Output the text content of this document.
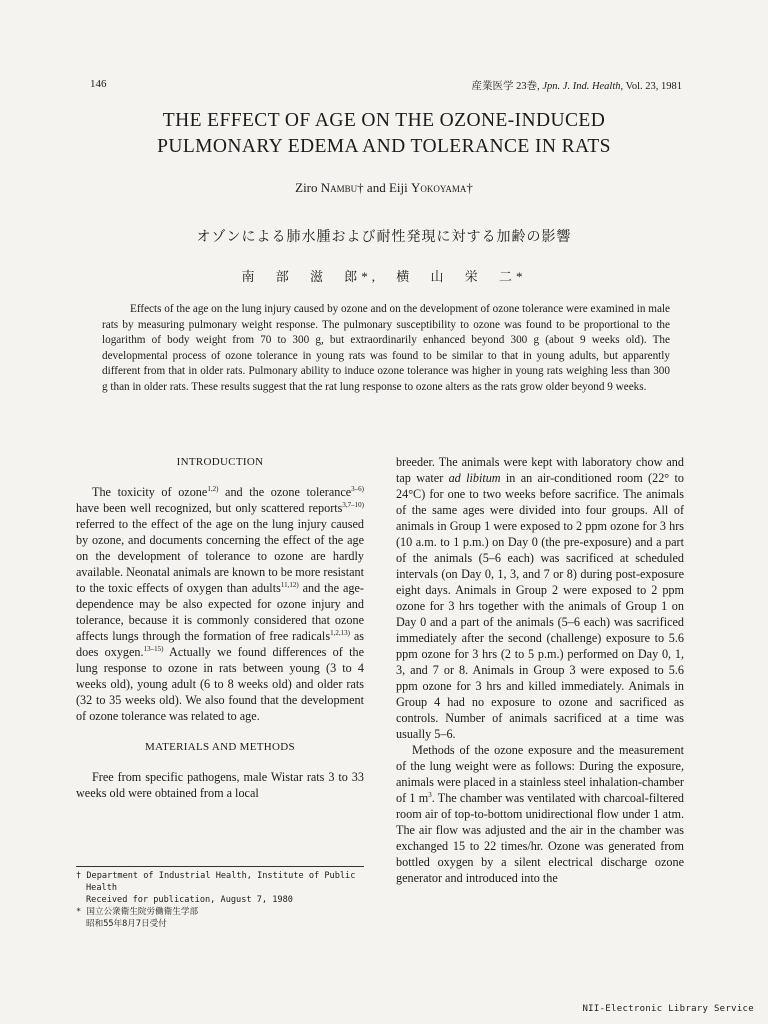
146	産業医学 23巻, Jpn. J. Ind. Health, Vol. 23, 1981
THE EFFECT OF AGE ON THE OZONE-INDUCED
PULMONARY EDEMA AND TOLERANCE IN RATS
Ziro Nambu† and Eiji Yokoyama†
オゾンによる肺水腫および耐性発現に対する加齢の影響
南 部 滋 郎*, 横 山 栄 二*

Effects of the age on the lung injury caused by ozone and on the development of ozone tolerance were examined in male rats by measuring pulmonary weight response. The pulmonary susceptibility to ozone was found to be proportional to the logarithm of body weight from 70 to 300 g, but extraordinarily enhanced beyond 300 g (about 9 weeks old). The developmental process of ozone tolerance in young rats was found to be similar to that in young adults, but apparently different from that in older rats. Pulmonary ability to induce ozone tolerance was higher in young rats weighing less than 300 g than in older rats. These results suggest that the rat lung response to ozone alters as the rats grow older beyond 9 weeks.

INTRODUCTION

The toxicity of ozone$^{1,2)}$ and the ozone tolerance$^{3-6)}$ have been well recognized, but only scattered reports$^{3,7-10)}$ referred to the effect of the age on the lung injury caused by ozone, and documents concerning the effect of the age on the development of tolerance to ozone are hardly available. Neonatal animals are known to be more resistant to the toxic effects of oxygen than adults$^{11,12)}$ and the age-dependence may be also expected for ozone injury and tolerance, because it is commonly considered that ozone affects lungs through the formation of free radicals$^{1,2,13)}$ as does oxygen.$^{13-15)}$ Actually we found differences of the lung response to ozone in rats between young (3 to 4 weeks old), young adult (6 to 8 weeks old) and older rats (32 to 35 weeks old). We also found that the development of ozone tolerance was related to age.

MATERIALS AND METHODS

Free from specific pathogens, male Wistar rats 3 to 33 weeks old were obtained from a local

† Department of Industrial Health, Institute of Public Health
Received for publication, August 7, 1980
* 国立公衆衛生院労働衛生学部
昭和55年8月7日受付

breeder. The animals were kept with laboratory chow and tap water ad libitum in an air-conditioned room (22° to 24°C) for one to two weeks before sacrifice. The animals of the same ages were divided into four groups. All of animals in Group 1 were exposed to 2 ppm ozone for 3 hrs (10 a.m. to 1 p.m.) on Day 0 (the pre-exposure) and a part of the animals (5–6 each) was sacrificed at scheduled intervals (on Day 0, 1, 3, and 7 or 8) during post-exposure eight days. Animals in Group 2 were exposed to 2 ppm ozone for 3 hrs together with the animals of Group 1 on Day 0 and a part of the animals (5–6 each) was sacrificed immediately after the second (challenge) exposure to 5.6 ppm ozone for 3 hrs (2 to 5 p.m.) performed on Day 0, 1, 3, and 7 or 8. Animals in Group 3 were exposed to 5.6 ppm ozone for 3 hrs and killed immediately. Animals in Group 4 had no exposure to ozone and sacrificed as controls. Number of animals sacrificed at a time was usually 5–6.

Methods of the ozone exposure and the measurement of the lung weight were as follows: During the exposure, animals were placed in a stainless steel inhalation-chamber of 1 $m^3$. The chamber was ventilated with charcoal-filtered room air of top-to-bottom unidirectional flow under 1 atm. The air flow was adjusted and the air in the chamber was exchanged 15 to 22 times/hr. Ozone was generated from bottled oxygen by a silent electrical discharge ozone generator and introduced into the

NII-Electronic Library Service
